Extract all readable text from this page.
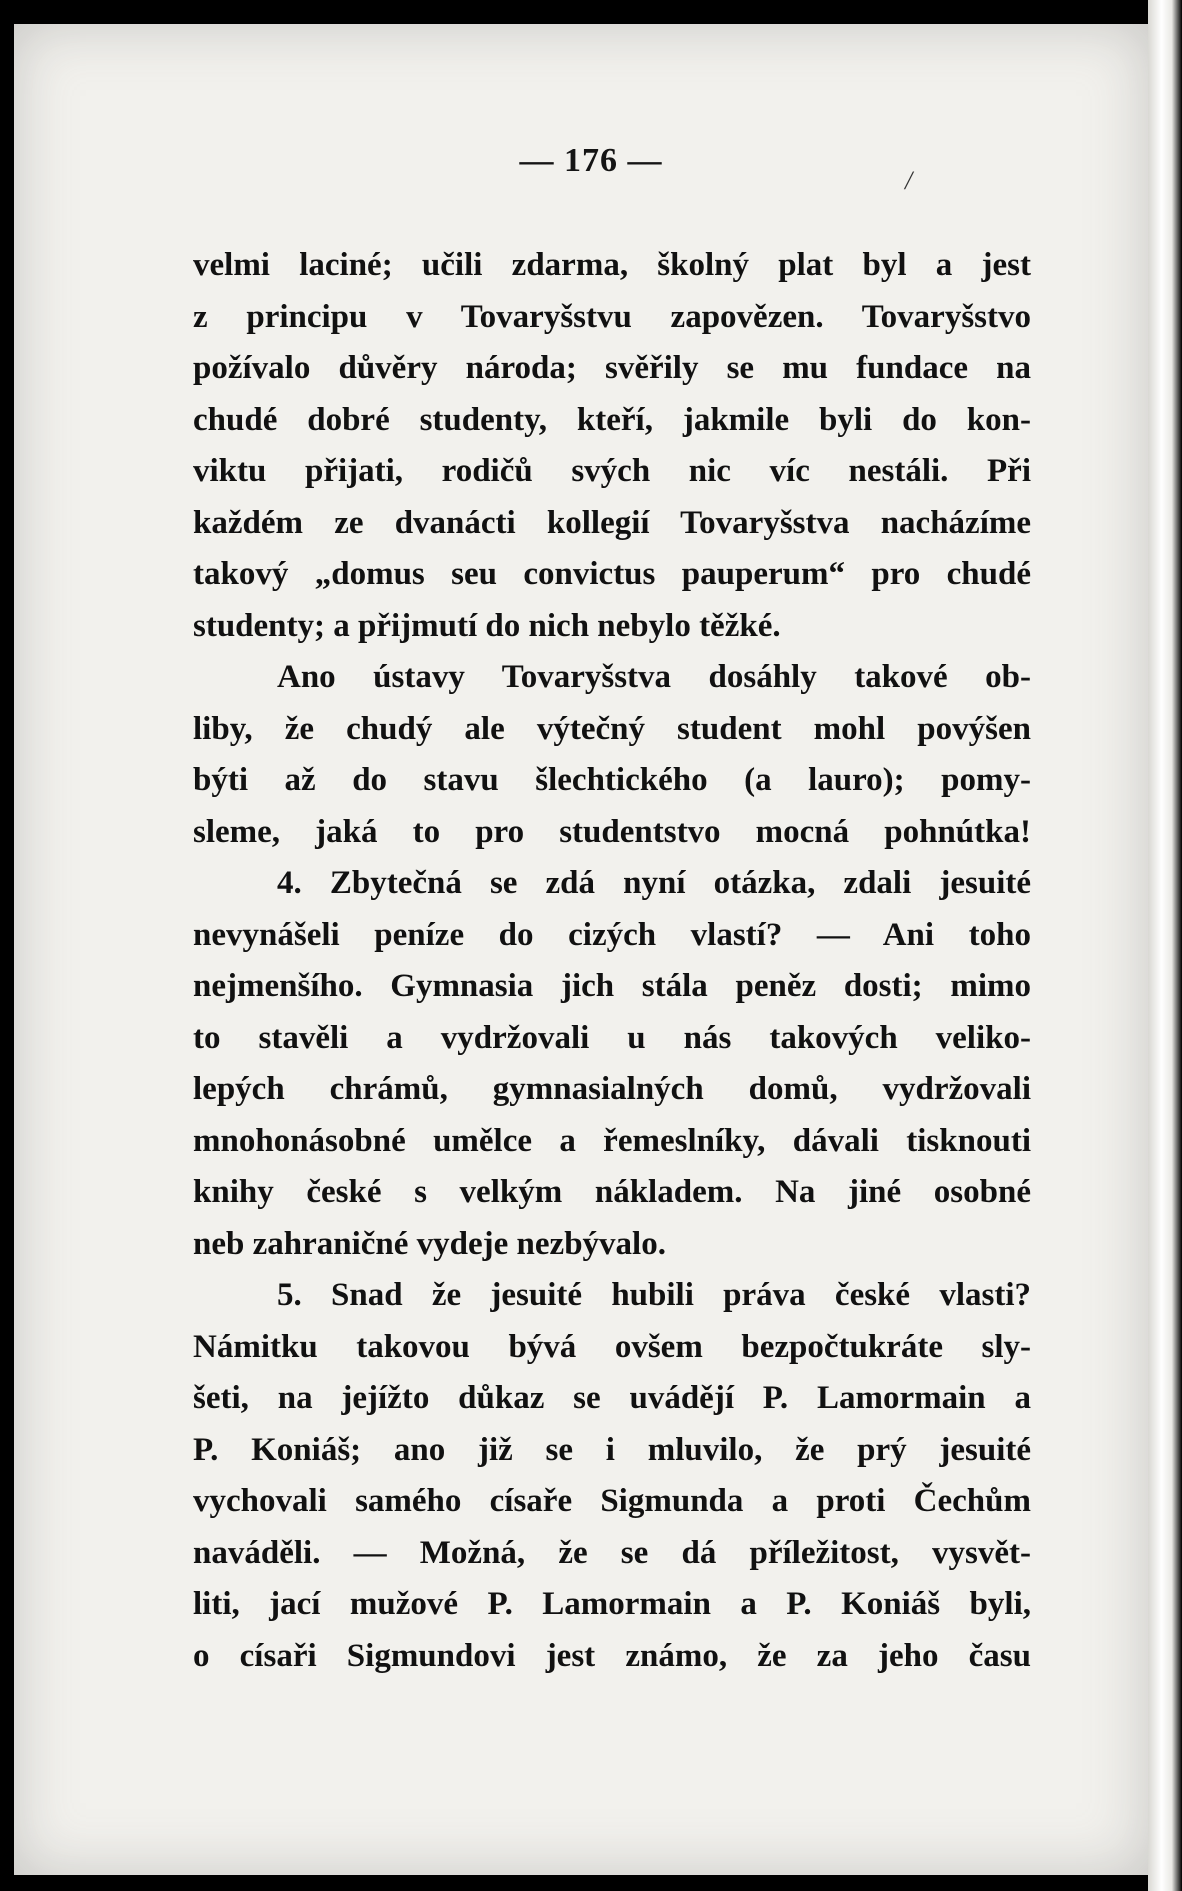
— 176 —
/
velmi laciné; učili zdarma, školný plat byl a jest
z principu v Tovaryšstvu zapovězen. Tovaryšstvo
požívalo důvěry národa; svěřily se mu fundace na
chudé dobré studenty, kteří, jakmile byli do kon-
viktu přijati, rodičů svých nic víc nestáli. Při
každém ze dvanácti kollegií Tovaryšstva nacházíme
takový „domus seu convictus pauperum“ pro chudé
studenty; a přijmutí do nich nebylo těžké.
Ano ústavy Tovaryšstva dosáhly takové ob-
liby, že chudý ale výtečný student mohl povýšen
býti až do stavu šlechtického (a lauro); pomy-
sleme, jaká to pro studentstvo mocná pohnútka!
4. Zbytečná se zdá nyní otázka, zdali jesuité
nevynášeli peníze do cizých vlastí? — Ani toho
nejmenšího. Gymnasia jich stála peněz dosti; mimo
to stavěli a vydržovali u nás takových veliko-
lepých chrámů, gymnasialných domů, vydržovali
mnohonásobné umělce a řemeslníky, dávali tisknouti
knihy české s velkým nákladem. Na jiné osobné
neb zahraničné vydeje nezbývalo.
5. Snad že jesuité hubili práva české vlasti?
Námitku takovou bývá ovšem bezpočtukráte sly-
šeti, na jejížto důkaz se uvádějí P. Lamormain a
P. Koniáš; ano již se i mluvilo, že prý jesuité
vychovali samého císaře Sigmunda a proti Čechům
naváděli. — Možná, že se dá příležitost, vysvět-
liti, jací mužové P. Lamormain a P. Koniáš byli,
o císaři Sigmundovi jest známo, že za jeho času
